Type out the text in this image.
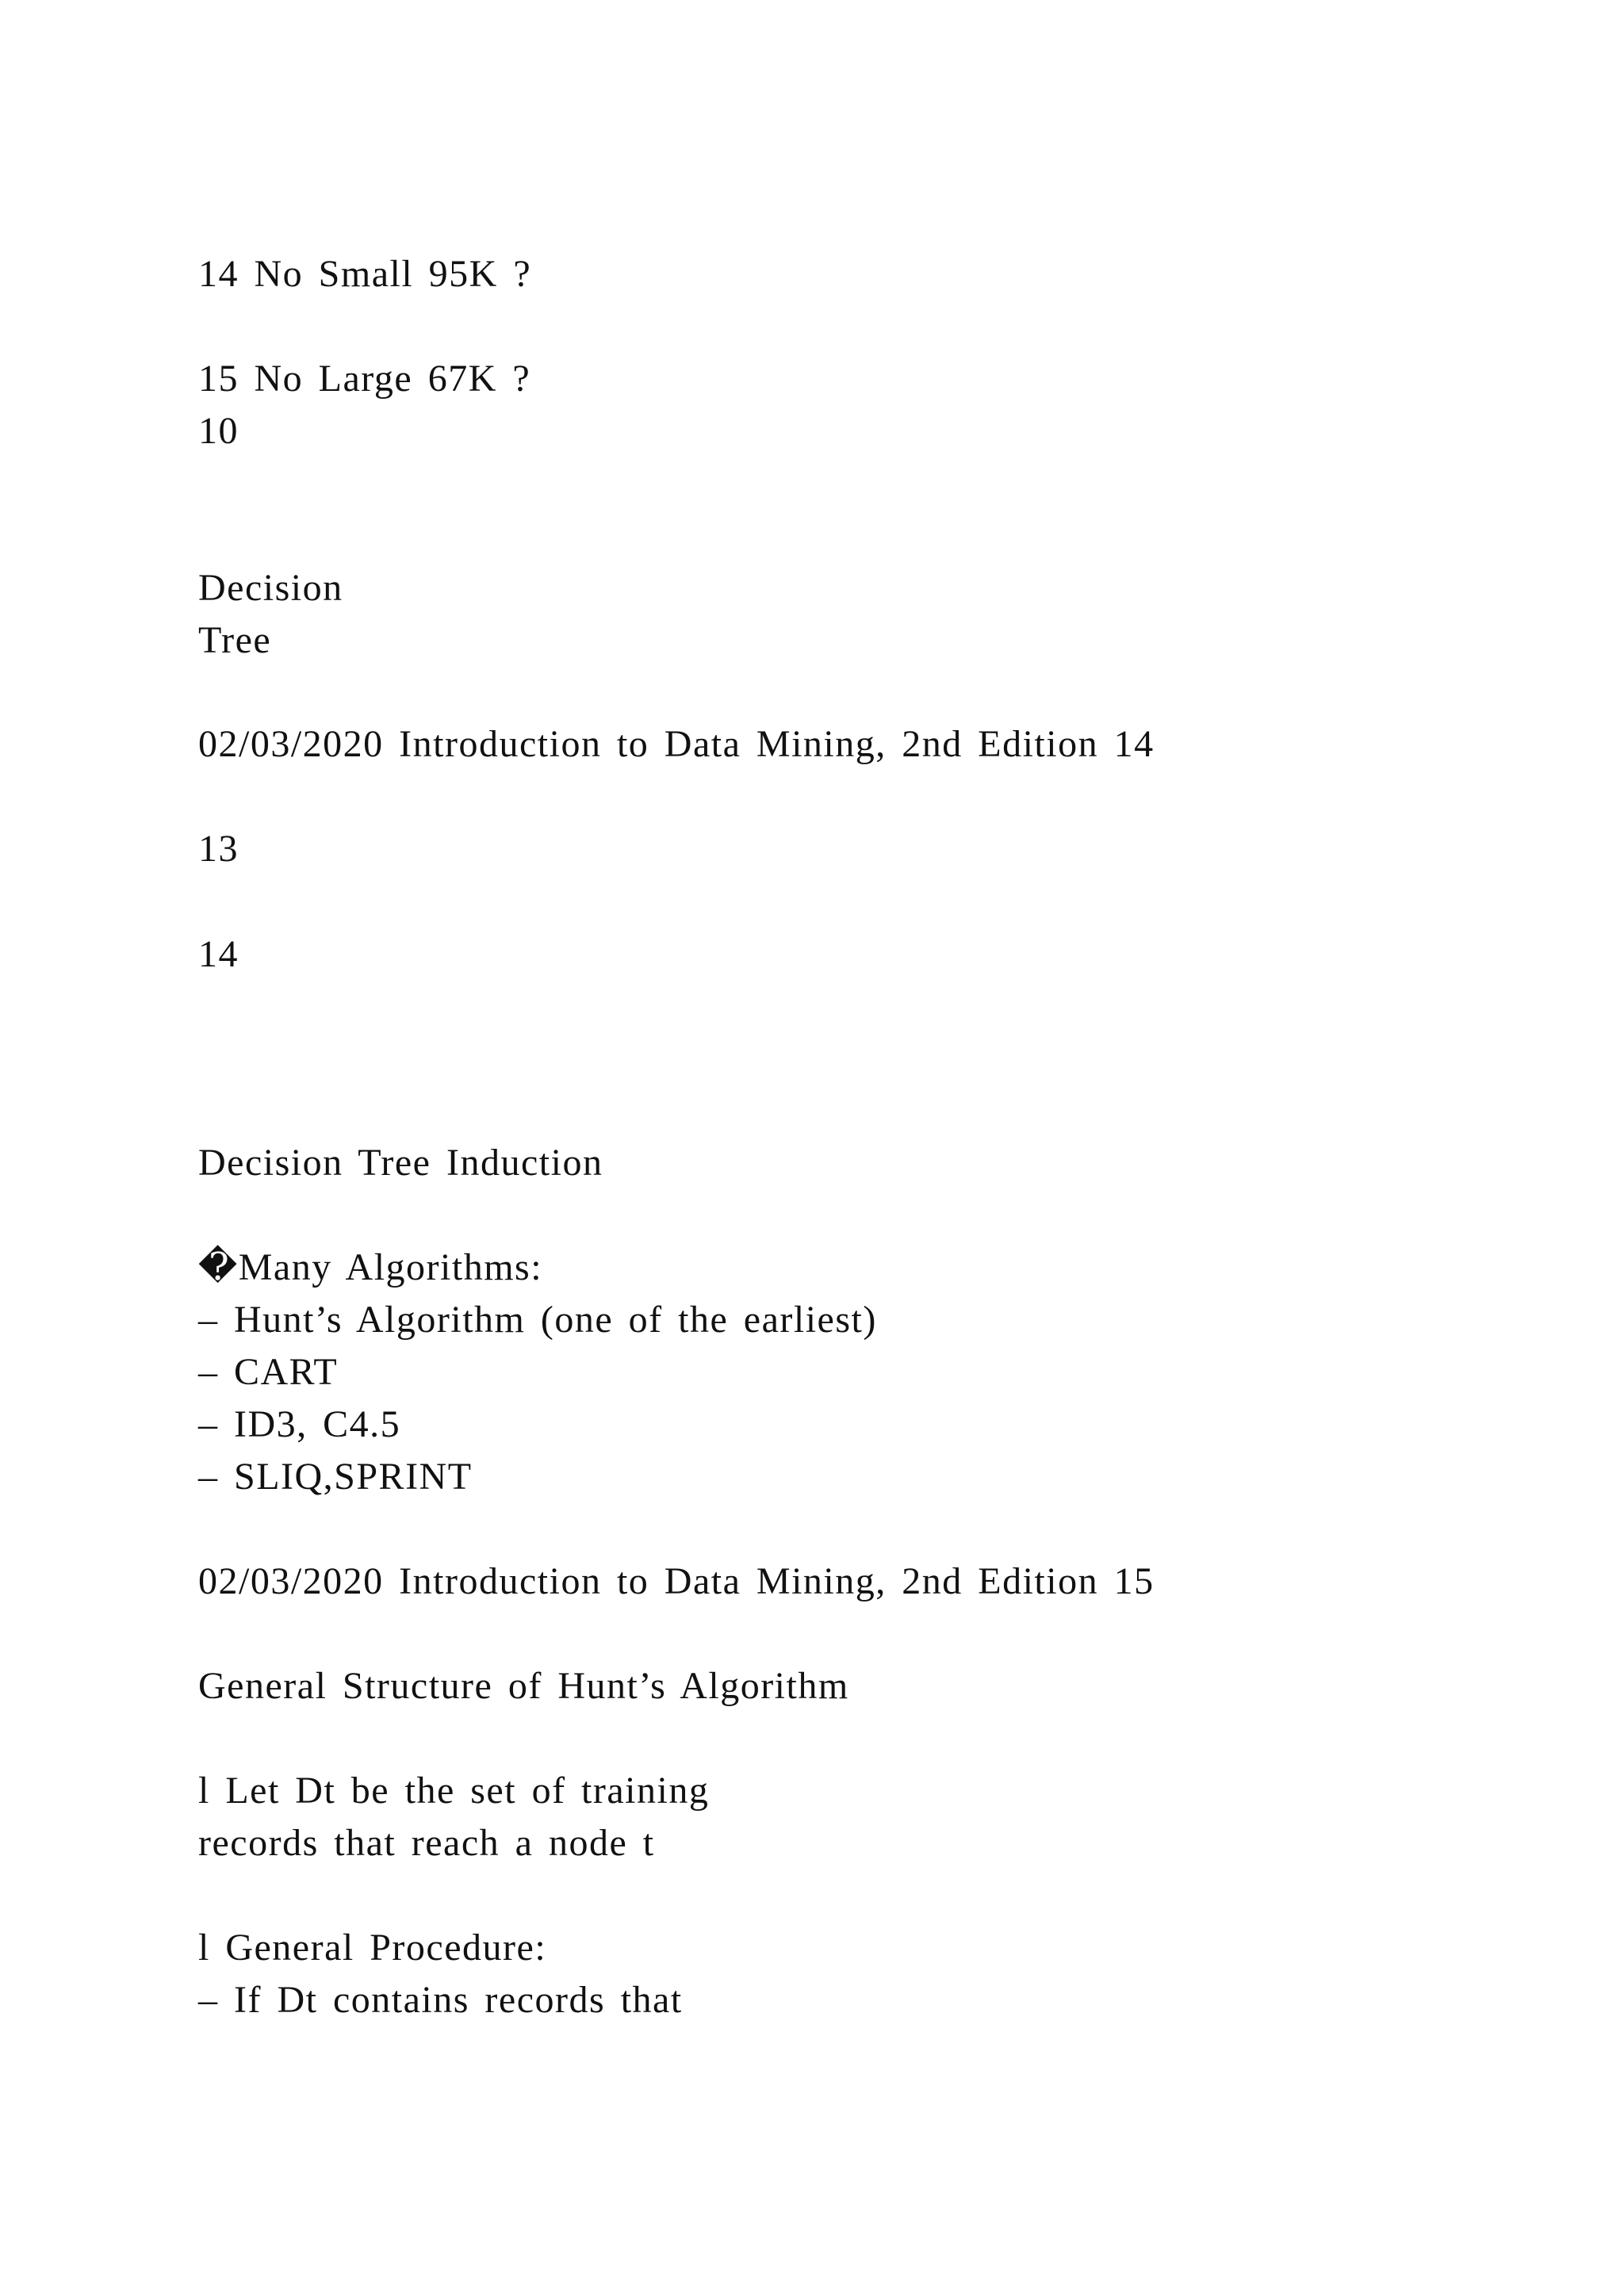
14 No Small 95K ?

15 No Large 67K ?

10

Decision

Tree

02/03/2020 Introduction to Data Mining, 2nd Edition 14

13

14

Decision Tree Induction

�Many Algorithms:

– Hunt’s Algorithm (one of the earliest)

– CART

– ID3, C4.5

– SLIQ,SPRINT

02/03/2020 Introduction to Data Mining, 2nd Edition 15

General Structure of Hunt’s Algorithm

l Let Dt be the set of training

records that reach a node t

l General Procedure:

– If Dt contains records that
